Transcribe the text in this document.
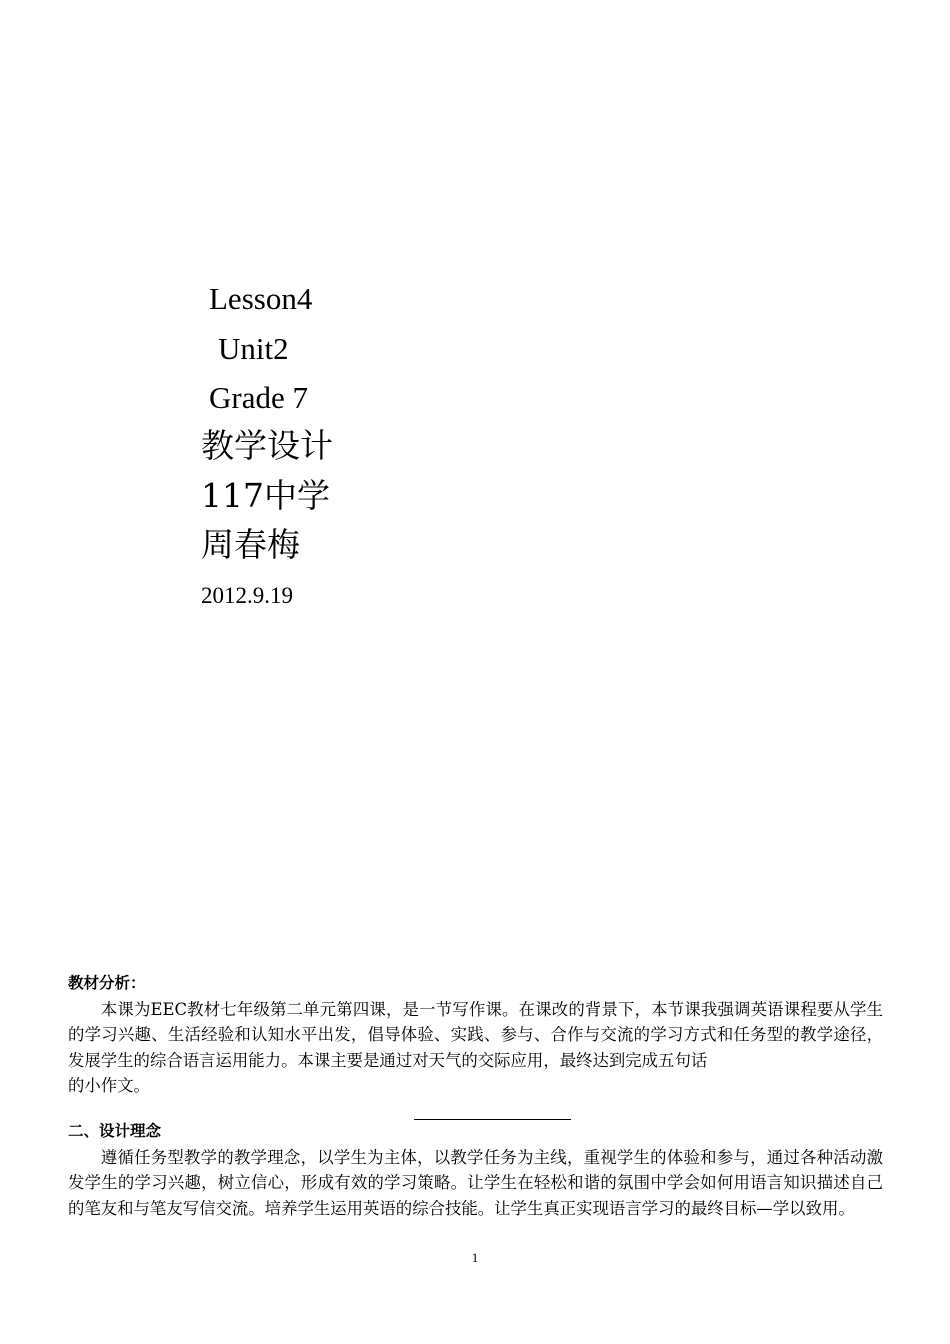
Lesson4
Unit2
Grade 7
教学设计
117中学
周春梅
2012.9.19
教材分析：
本课为EEC教材七年级第二单元第四课，是一节写作课。在课改的背景下，本节课我强调英语课程要从学生的学习兴趣、生活经验和认知水平出发，倡导体验、实践、参与、合作与交流的学习方式和任务型的教学途径，发展学生的综合语言运用能力。本课主要是通过对天气的交际应用，最终达到完成五句话
的小作文。
二、设计理念
遵循任务型教学的教学理念，以学生为主体，以教学任务为主线，重视学生的体验和参与，通过各种活动激发学生的学习兴趣，树立信心，形成有效的学习策略。让学生在轻松和谐的氛围中学会如何用语言知识描述自己的笔友和与笔友写信交流。培养学生运用英语的综合技能。让学生真正实现语言学习的最终目标—学以致用。
1
